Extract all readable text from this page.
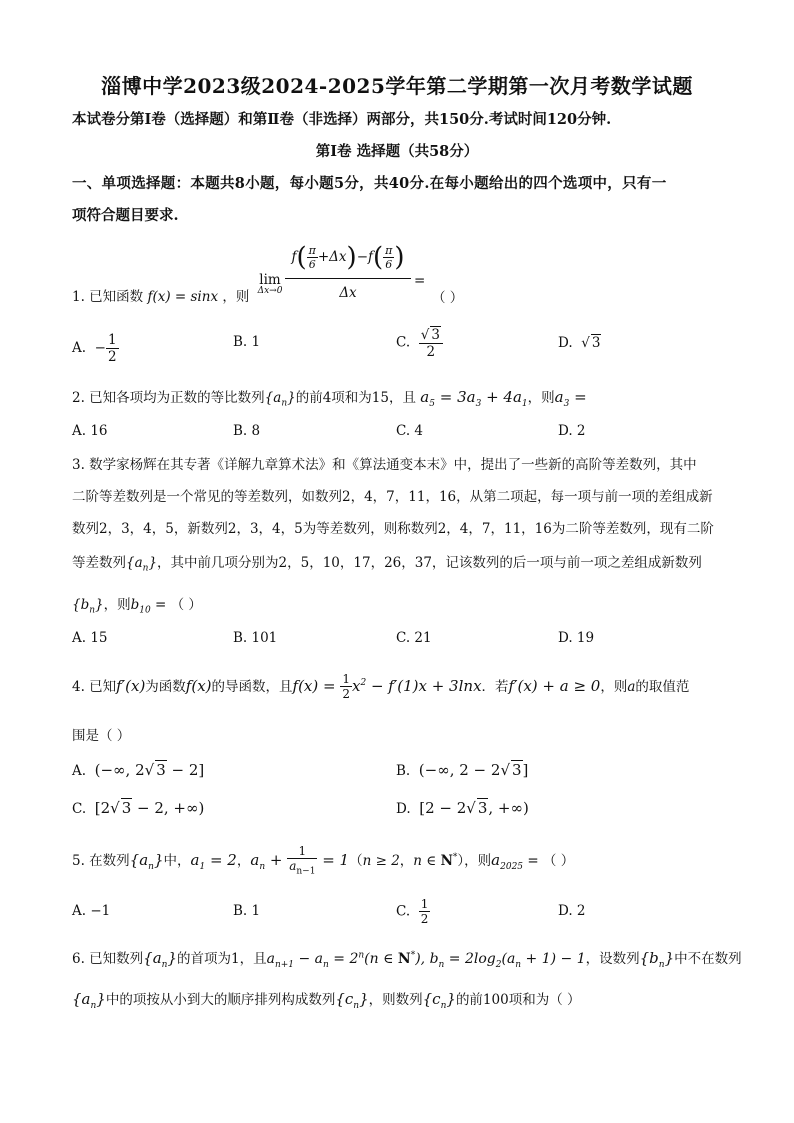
淄博中学2023级2024-2025学年第二学期第一次月考数学试题
本试卷分第Ⅰ卷（选择题）和第Ⅱ卷（非选择）两部分，共150分.考试时间120分钟.
第Ⅰ卷 选择题（共58分）
一、单项选择题：本题共8小题，每小题5分，共40分.在每小题给出的四个选项中，只有一
项符合题目要求.
1. 已知函数 f(x) = sinx ，则
lim
$\Delta x\to 0 \frac{f( \frac{\pi}{6} +\Delta x)-f( \frac{\pi}{6} )}{\Delta x}$ =
（ ）
A.  − $\frac{1}{2}$	B. 1	C. $\frac{√ 3}{2}$	D.  √ 3
2. 已知各项均为正数的等比数列$\{a_n\}$的前4项和为15，且 $a_5 = 3a_3 + 4a_1$，则$a_3$ =
A. 16	B. 8	C. 4	D. 2
3. 数学家杨辉在其专著《详解九章算术法》和《算法通变本末》中，提出了一些新的高阶等差数列，其中
二阶等差数列是一个常见的等差数列，如数列2，4，7，11，16，从第二项起，每一项与前一项的差组成新
数列2，3，4，5，新数列2，3，4，5为等差数列，则称数列2，4，7，11，16为二阶等差数列，现有二阶
等差数列$\{a_n\}$，其中前几项分别为2，5，10，17，26，37，记该数列的后一项与前一项之差组成新数列
$\{b_n\}$，则$b_{10}$ = （ ）
A. 15	B. 101	C. 21	D. 19
4. 已知f′(x)为函数f(x)的导函数，且$f(x) = \frac{1}{2} x^2 - f'(1)x + 3\ln x$．若f′(x) + a ≥ 0，则a的取值范
围是（ ）
A.  (−∞, 2√ 3 − 2]	B.  (−∞, 2 − 2√ 3]
C.  [2√ 3 − 2, +∞)	D.  [2 − 2√ 3, +∞)
5. 在数列$\{a_n\}$中，$a_1 = 2$，$a_n + \frac{1}{a_{n-1}} = 1(n \ge 2$，n ∈ N*），则$a_{2025}$ = （ ）
A. −1	B. 1	C. $\frac{1}{2}$	D. 2
6. 已知数列$\{a_n\}$的首项为1，且$a_{n+1} - a_n = 2^n(n$ ∈ N*), $b_n = 2\log_2(a_n + 1) - 1$，设数列$\{b_n\}$中不在数列
$\{a_n\}$中的项按从小到大的顺序排列构成数列$\{c_n\}$，则数列$\{c_n\}$的前100项和为（ ）
